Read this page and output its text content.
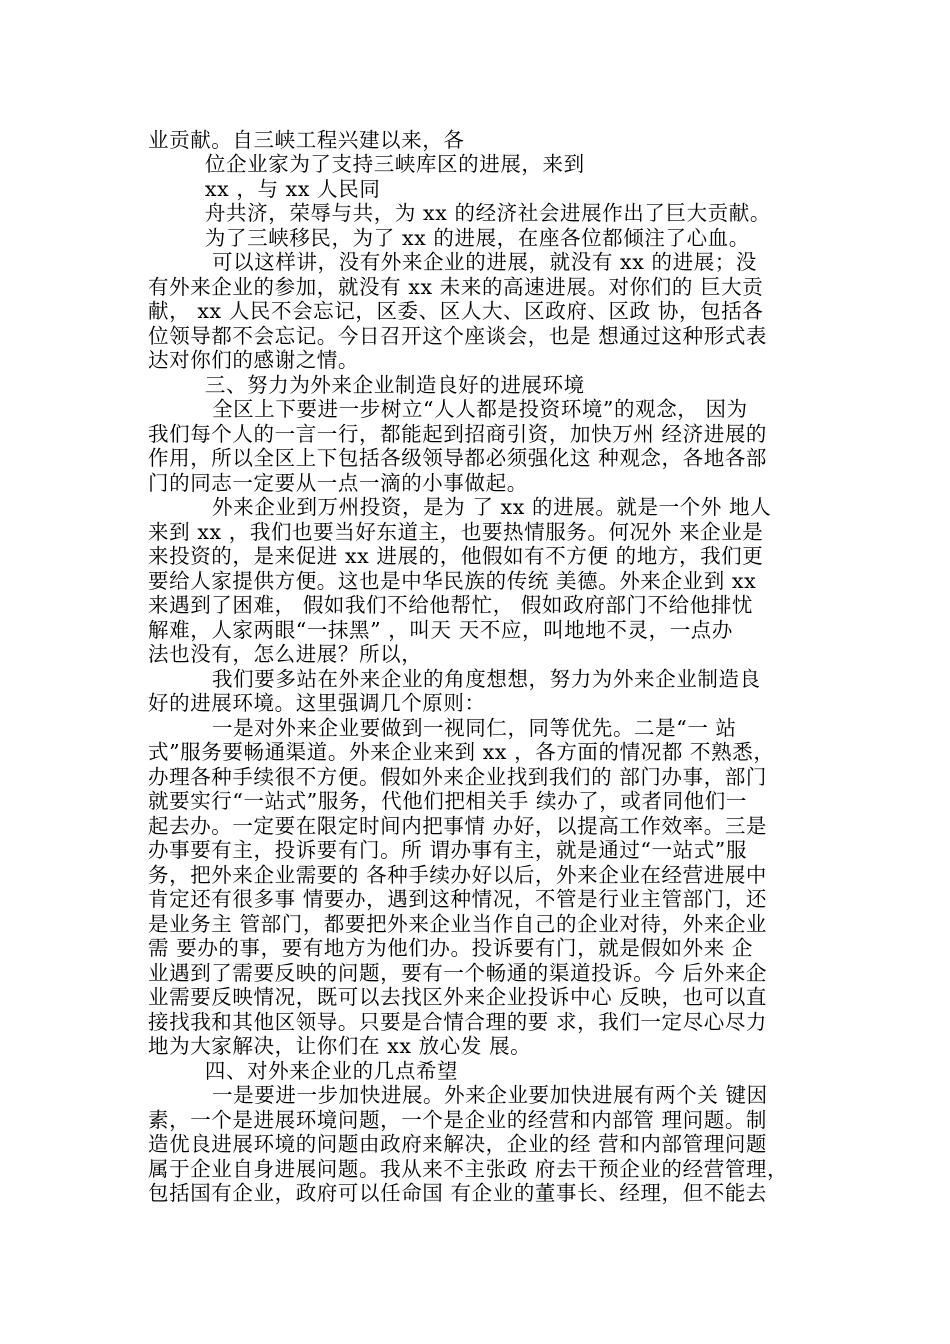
业贡献。自三峡工程兴建以来，各
位企业家为了支持三峡库区的进展，来到
xx ，与 xx 人民同
舟共济，荣辱与共，为 xx 的经济社会进展作出了巨大贡献。
为了三峡移民，为了 xx 的进展，在座各位都倾注了心血。
可以这样讲，没有外来企业的进展，就没有 xx 的进展；没
有外来企业的参加，就没有 xx 未来的高速进展。对你们的 巨大贡
献， xx 人民不会忘记，区委、区人大、区政府、区政 协，包括各
位领导都不会忘记。今日召开这个座谈会，也是 想通过这种形式表
达对你们的感谢之情。
三、努力为外来企业制造良好的进展环境
全区上下要进一步树立“人人都是投资环境”的观念， 因为
我们每个人的一言一行，都能起到招商引资，加快万州 经济进展的
作用，所以全区上下包括各级领导都必须强化这 种观念，各地各部
门的同志一定要从一点一滴的小事做起。
外来企业到万州投资，是为 了 xx 的进展。就是一个外 地人
来到 xx ，我们也要当好东道主，也要热情服务。何况外 来企业是
来投资的，是来促进 xx 进展的，他假如有不方便 的地方，我们更
要给人家提供方便。这也是中华民族的传统 美德。外来企业到 xx
来遇到了困难， 假如我们不给他帮忙， 假如政府部门不给他排忧
解难，人家两眼“一抹黑” ，叫天 天不应，叫地地不灵，一点办
法也没有，怎么进展？所以，
我们要多站在外来企业的角度想想，努力为外来企业制造良
好的进展环境。这里强调几个原则：
一是对外来企业要做到一视同仁，同等优先。二是“一 站
式”服务要畅通渠道。外来企业来到 xx ，各方面的情况都 不熟悉，
办理各种手续很不方便。假如外来企业找到我们的 部门办事，部门
就要实行“一站式”服务，代他们把相关手 续办了，或者同他们一
起去办。一定要在限定时间内把事情 办好，以提高工作效率。三是
办事要有主，投诉要有门。所 谓办事有主，就是通过“一站式”服
务，把外来企业需要的 各种手续办好以后，外来企业在经营进展中
肯定还有很多事 情要办，遇到这种情况，不管是行业主管部门，还
是业务主 管部门，都要把外来企业当作自己的企业对待，外来企业
需 要办的事，要有地方为他们办。投诉要有门，就是假如外来 企
业遇到了需要反映的问题，要有一个畅通的渠道投诉。今 后外来企
业需要反映情况，既可以去找区外来企业投诉中心 反映，也可以直
接找我和其他区领导。只要是合情合理的要 求，我们一定尽心尽力
地为大家解决，让你们在 xx 放心发 展。
四、对外来企业的几点希望
一是要进一步加快进展。外来企业要加快进展有两个关 键因
素，一个是进展环境问题，一个是企业的经营和内部管 理问题。制
造优良进展环境的问题由政府来解决，企业的经 营和内部管理问题
属于企业自身进展问题。我从来不主张政 府去干预企业的经营管理，
包括国有企业，政府可以任命国 有企业的董事长、经理，但不能去
